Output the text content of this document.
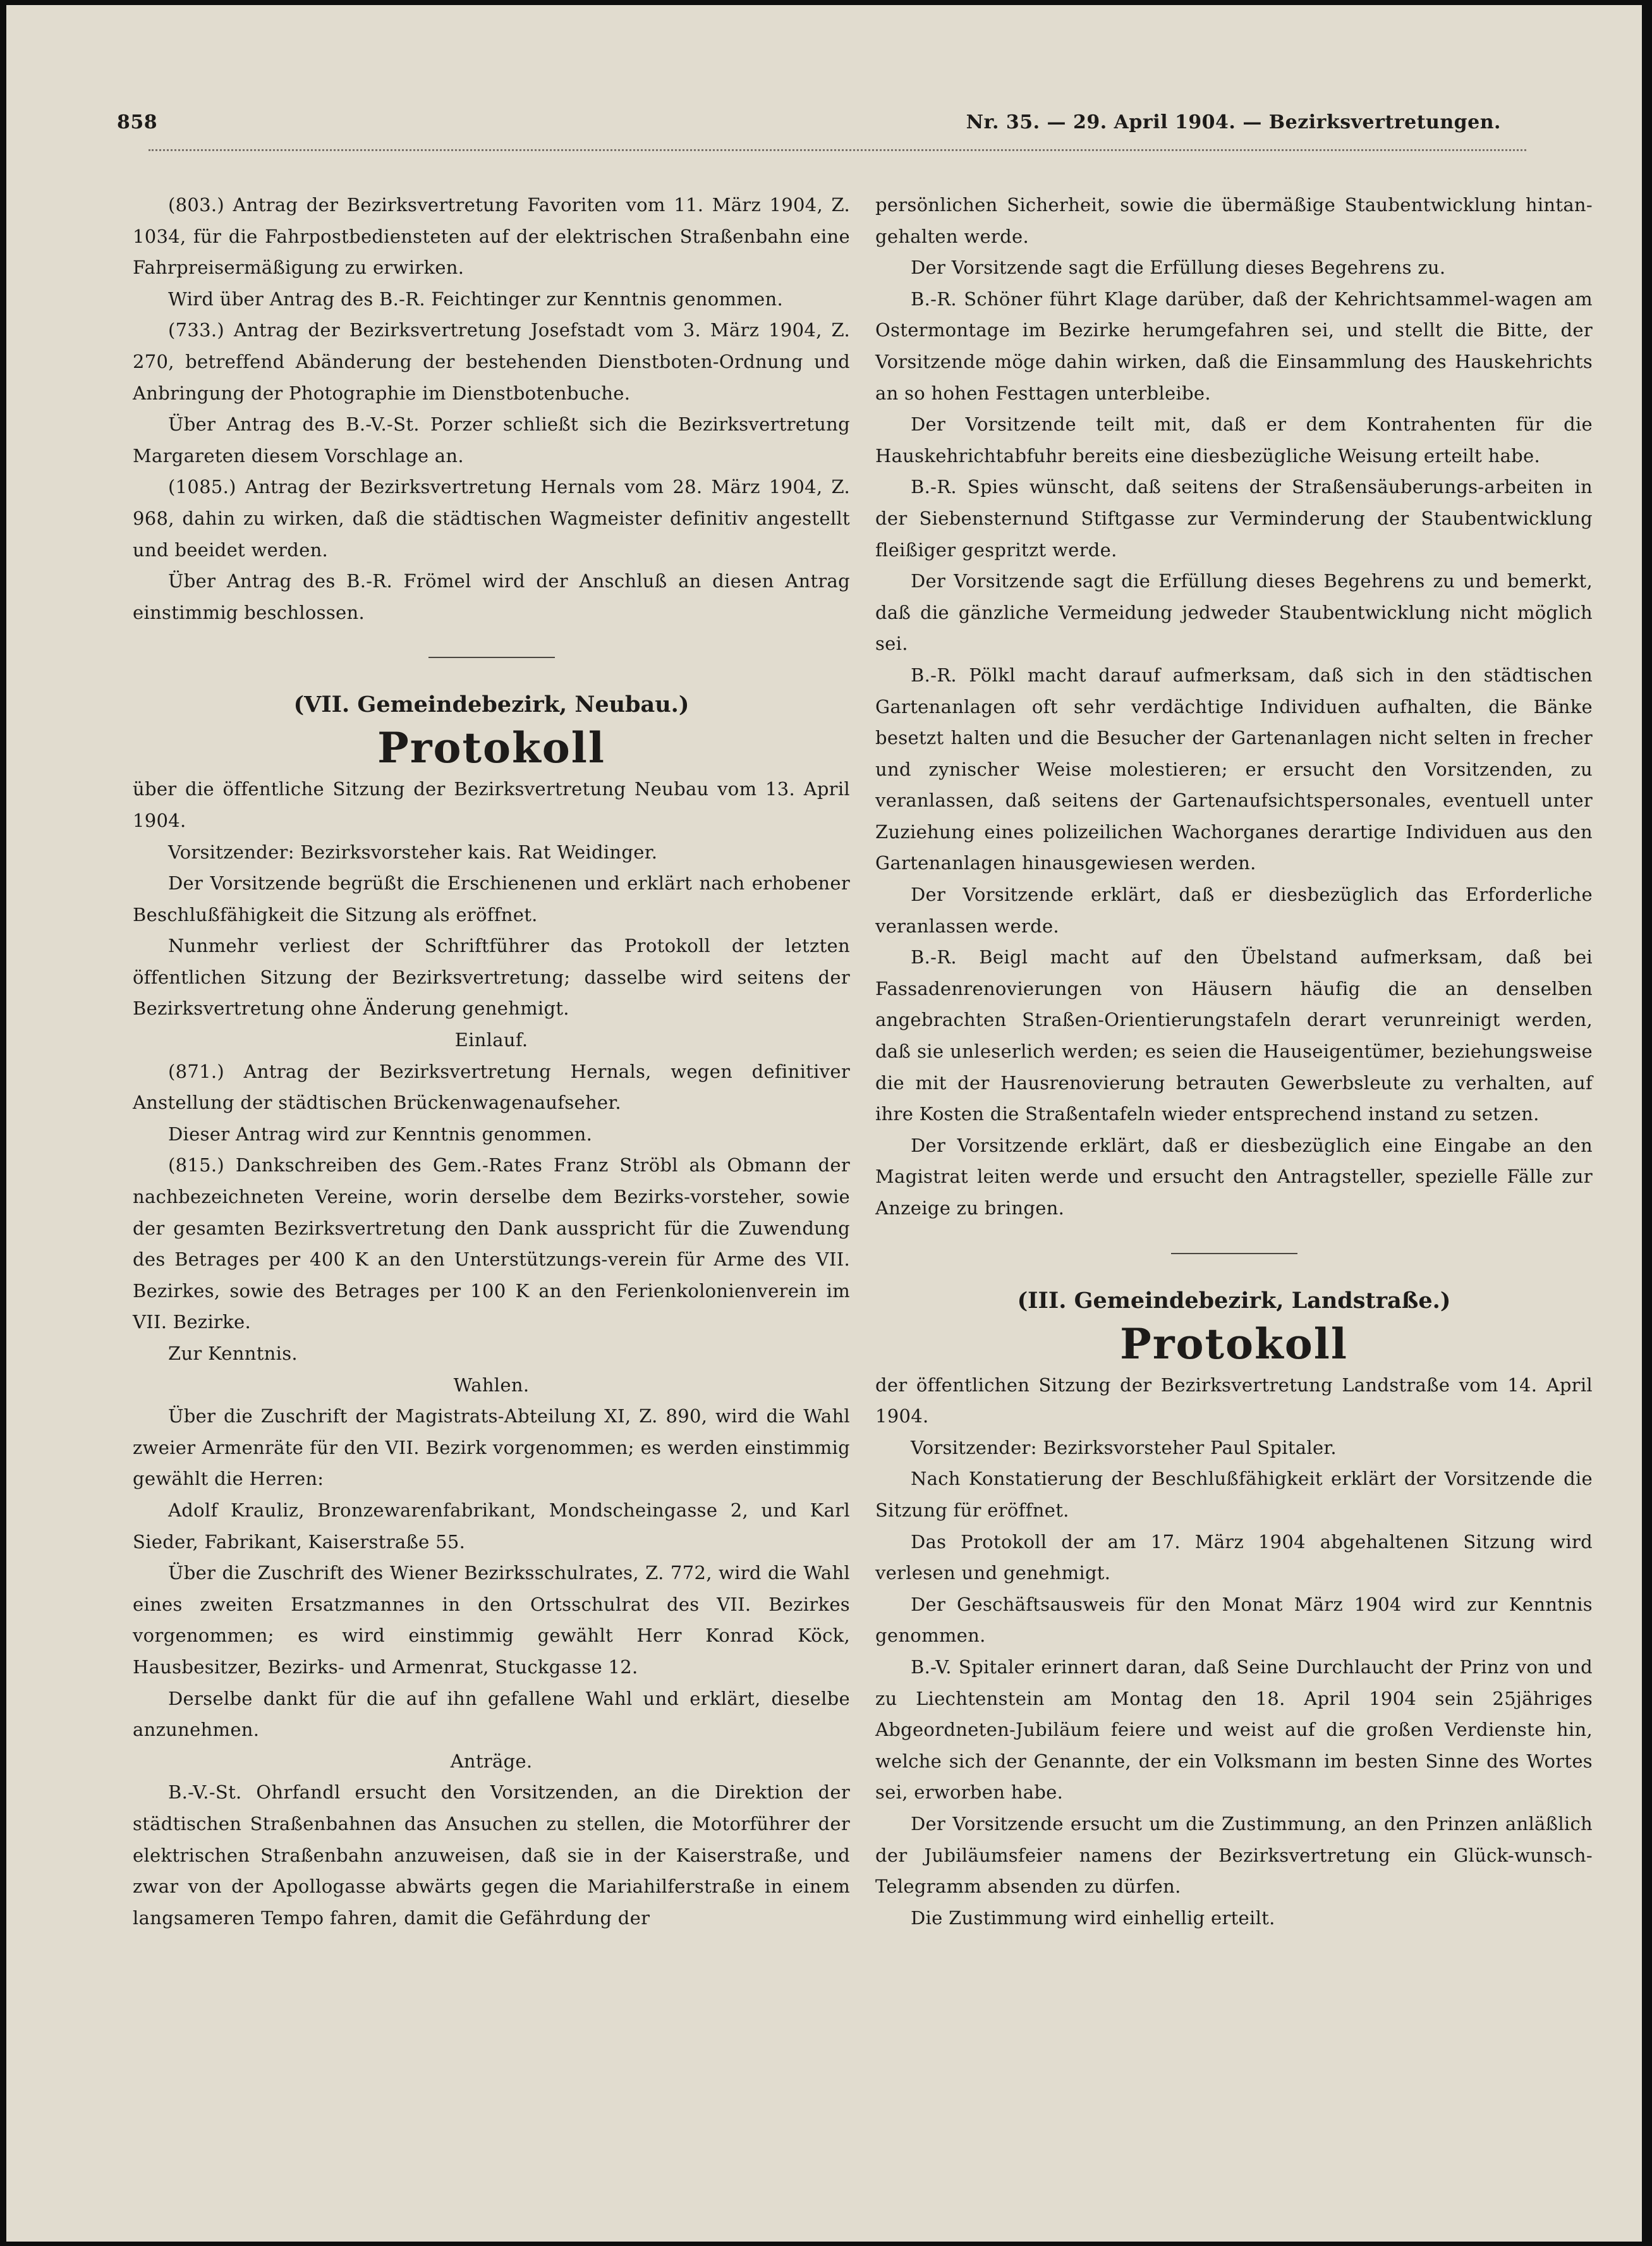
858	Nr. 35. — 29. April 1904. — Bezirksvertretungen.

(803.) Antrag der Bezirksvertretung Favoriten vom 11. März 1904, Z. 1034, für die Fahrpostbediensteten auf der elektrischen Straßenbahn eine Fahrpreisermäßigung zu erwirken.

Wird über Antrag des B.-R. Feichtinger zur Kenntnis genommen.

(733.) Antrag der Bezirksvertretung Josefstadt vom 3. März 1904, Z. 270, betreffend Abänderung der bestehenden Dienstboten-Ordnung und Anbringung der Photographie im Dienstbotenbuche.

Über Antrag des B.-V.-St. Porzer schließt sich die Bezirksvertretung Margareten diesem Vorschlage an.

(1085.) Antrag der Bezirksvertretung Hernals vom 28. März 1904, Z. 968, dahin zu wirken, daß die städtischen Wagmeister definitiv angestellt und beeidet werden.

Über Antrag des B.-R. Frömel wird der Anschluß an diesen Antrag einstimmig beschlossen.

(VII. Gemeindebezirk, Neubau.)
Protokoll

über die öffentliche Sitzung der Bezirksvertretung Neubau vom 13. April 1904.

Vorsitzender: Bezirksvorsteher kais. Rat Weidinger.

Der Vorsitzende begrüßt die Erschienenen und erklärt nach erhobener Beschlußfähigkeit die Sitzung als eröffnet.

Nunmehr verliest der Schriftführer das Protokoll der letzten öffentlichen Sitzung der Bezirksvertretung; dasselbe wird seitens der Bezirksvertretung ohne Änderung genehmigt.

Einlauf.

(871.) Antrag der Bezirksvertretung Hernals, wegen definitiver Anstellung der städtischen Brückenwagenaufseher.

Dieser Antrag wird zur Kenntnis genommen.

(815.) Dankschreiben des Gem.-Rates Franz Ströbl als Obmann der nachbezeichneten Vereine, worin derselbe dem Bezirks-vorsteher, sowie der gesamten Bezirksvertretung den Dank ausspricht für die Zuwendung des Betrages per 400 K an den Unterstützungs-verein für Arme des VII. Bezirkes, sowie des Betrages per 100 K an den Ferienkolonienverein im VII. Bezirke.

Zur Kenntnis.

Wahlen.

Über die Zuschrift der Magistrats-Abteilung XI, Z. 890, wird die Wahl zweier Armenräte für den VII. Bezirk vorgenommen; es werden einstimmig gewählt die Herren:

Adolf Krauliz, Bronzewarenfabrikant, Mondscheingasse 2, und Karl Sieder, Fabrikant, Kaiserstraße 55.

Über die Zuschrift des Wiener Bezirksschulrates, Z. 772, wird die Wahl eines zweiten Ersatzmannes in den Ortsschulrat des VII. Bezirkes vorgenommen; es wird einstimmig gewählt Herr Konrad Köck, Hausbesitzer, Bezirks- und Armenrat, Stuckgasse 12.

Derselbe dankt für die auf ihn gefallene Wahl und erklärt, dieselbe anzunehmen.

Anträge.

B.-V.-St. Ohrfandl ersucht den Vorsitzenden, an die Direktion der städtischen Straßenbahnen das Ansuchen zu stellen, die Motorführer der elektrischen Straßenbahn anzuweisen, daß sie in der Kaiserstraße, und zwar von der Apollogasse abwärts gegen die Mariahilferstraße in einem langsameren Tempo fahren, damit die Gefährdung der

persönlichen Sicherheit, sowie die übermäßige Staubentwicklung hintan-gehalten werde.

Der Vorsitzende sagt die Erfüllung dieses Begehrens zu.

B.-R. Schöner führt Klage darüber, daß der Kehrichtsammel-wagen am Ostermontage im Bezirke herumgefahren sei, und stellt die Bitte, der Vorsitzende möge dahin wirken, daß die Einsammlung des Hauskehrichts an so hohen Festtagen unterbleibe.

Der Vorsitzende teilt mit, daß er dem Kontrahenten für die Hauskehrichtabfuhr bereits eine diesbezügliche Weisung erteilt habe.

B.-R. Spies wünscht, daß seitens der Straßensäuberungs-arbeiten in der Siebensternund Stiftgasse zur Verminderung der Staubentwicklung fleißiger gespritzt werde.

Der Vorsitzende sagt die Erfüllung dieses Begehrens zu und bemerkt, daß die gänzliche Vermeidung jedweder Staubentwicklung nicht möglich sei.

B.-R. Pölkl macht darauf aufmerksam, daß sich in den städtischen Gartenanlagen oft sehr verdächtige Individuen aufhalten, die Bänke besetzt halten und die Besucher der Gartenanlagen nicht selten in frecher und zynischer Weise molestieren; er ersucht den Vorsitzenden, zu veranlassen, daß seitens der Gartenaufsichtspersonales, eventuell unter Zuziehung eines polizeilichen Wachorganes derartige Individuen aus den Gartenanlagen hinausgewiesen werden.

Der Vorsitzende erklärt, daß er diesbezüglich das Erforderliche veranlassen werde.

B.-R. Beigl macht auf den Übelstand aufmerksam, daß bei Fassadenrenovierungen von Häusern häufig die an denselben angebrachten Straßen-Orientierungstafeln derart verunreinigt werden, daß sie unleserlich werden; es seien die Hauseigentümer, beziehungsweise die mit der Hausrenovierung betrauten Gewerbsleute zu verhalten, auf ihre Kosten die Straßentafeln wieder entsprechend instand zu setzen.

Der Vorsitzende erklärt, daß er diesbezüglich eine Eingabe an den Magistrat leiten werde und ersucht den Antragsteller, spezielle Fälle zur Anzeige zu bringen.

(III. Gemeindebezirk, Landstraße.)
Protokoll

der öffentlichen Sitzung der Bezirksvertretung Landstraße vom 14. April 1904.

Vorsitzender: Bezirksvorsteher Paul Spitaler.

Nach Konstatierung der Beschlußfähigkeit erklärt der Vorsitzende die Sitzung für eröffnet.

Das Protokoll der am 17. März 1904 abgehaltenen Sitzung wird verlesen und genehmigt.

Der Geschäftsausweis für den Monat März 1904 wird zur Kenntnis genommen.

B.-V. Spitaler erinnert daran, daß Seine Durchlaucht der Prinz von und zu Liechtenstein am Montag den 18. April 1904 sein 25jähriges Abgeordneten-Jubiläum feiere und weist auf die großen Verdienste hin, welche sich der Genannte, der ein Volksmann im besten Sinne des Wortes sei, erworben habe.

Der Vorsitzende ersucht um die Zustimmung, an den Prinzen anläßlich der Jubiläumsfeier namens der Bezirksvertretung ein Glück-wunsch-Telegramm absenden zu dürfen.

Die Zustimmung wird einhellig erteilt.
